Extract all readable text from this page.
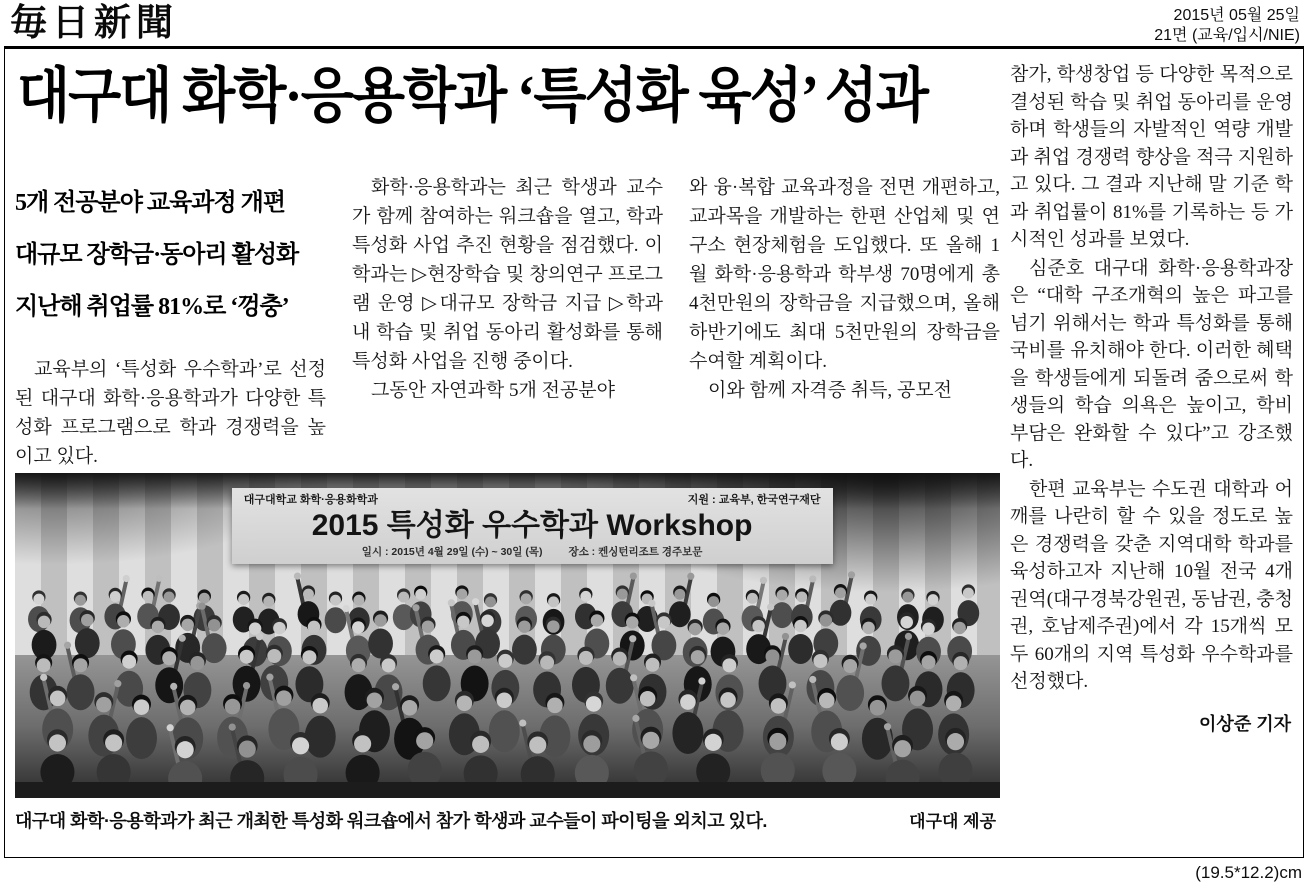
毎日新聞	2015년 05월 25일
21면 (교육/입시/NIE)
대구대 화학·응용학과 ‘특성화 육성’ 성과
5개 전공분야 교육과정 개편
대규모 장학금·동아리 활성화
지난해 취업률 81%로 ‘껑충’

교육부의 ‘특성화 우수학과’로 선정된 대구대 화학·응용학과가 다양한 특성화 프로그램으로 학과 경쟁력을 높이고 있다.

화학·응용학과는 최근 학생과 교수가 함께 참여하는 워크숍을 열고, 학과 특성화 사업 추진 현황을 점검했다. 이 학과는 ▷현장학습 및 창의연구 프로그램 운영 ▷대규모 장학금 지급 ▷학과 내 학습 및 취업 동아리 활성화를 통해 특성화 사업을 진행 중이다.

그동안 자연과학 5개 전공분야

와 융·복합 교육과정을 전면 개편하고, 교과목을 개발하는 한편 산업체 및 연구소 현장체험을 도입했다. 또 올해 1월 화학·응용학과 학부생 70명에게 총 4천만원의 장학금을 지급했으며, 올해 하반기에도 최대 5천만원의 장학금을 수여할 계획이다.

이와 함께 자격증 취득, 공모전

대구대학교 화학·응용화학과	지원 : 교육부, 한국연구재단
2015 특성화 우수학과 Workshop
일시 : 2015년 4월 29일 (수) ~ 30일 (목) 장소 : 켄싱턴리조트 경주보문
대구대 화학·응용학과가 최근 개최한 특성화 워크숍에서 참가 학생과 교수들이 파이팅을 외치고 있다.	대구대 제공

참가, 학생창업 등 다양한 목적으로 결성된 학습 및 취업 동아리를 운영하며 학생들의 자발적인 역량 개발과 취업 경쟁력 향상을 적극 지원하고 있다. 그 결과 지난해 말 기준 학과 취업률이 81%를 기록하는 등 가시적인 성과를 보였다.

심준호 대구대 화학·응용학과장은 “대학 구조개혁의 높은 파고를 넘기 위해서는 학과 특성화를 통해 국비를 유치해야 한다. 이러한 혜택을 학생들에게 되돌려 줌으로써 학생들의 학습 의욕은 높이고, 학비 부담은 완화할 수 있다”고 강조했다.

한편 교육부는 수도권 대학과 어깨를 나란히 할 수 있을 정도로 높은 경쟁력을 갖춘 지역대학 학과를 육성하고자 지난해 10월 전국 4개 권역(대구경북강원권, 동남권, 충청권, 호남제주권)에서 각 15개씩 모두 60개의 지역 특성화 우수학과를 선정했다.

이상준 기자
(19.5*12.2)cm
